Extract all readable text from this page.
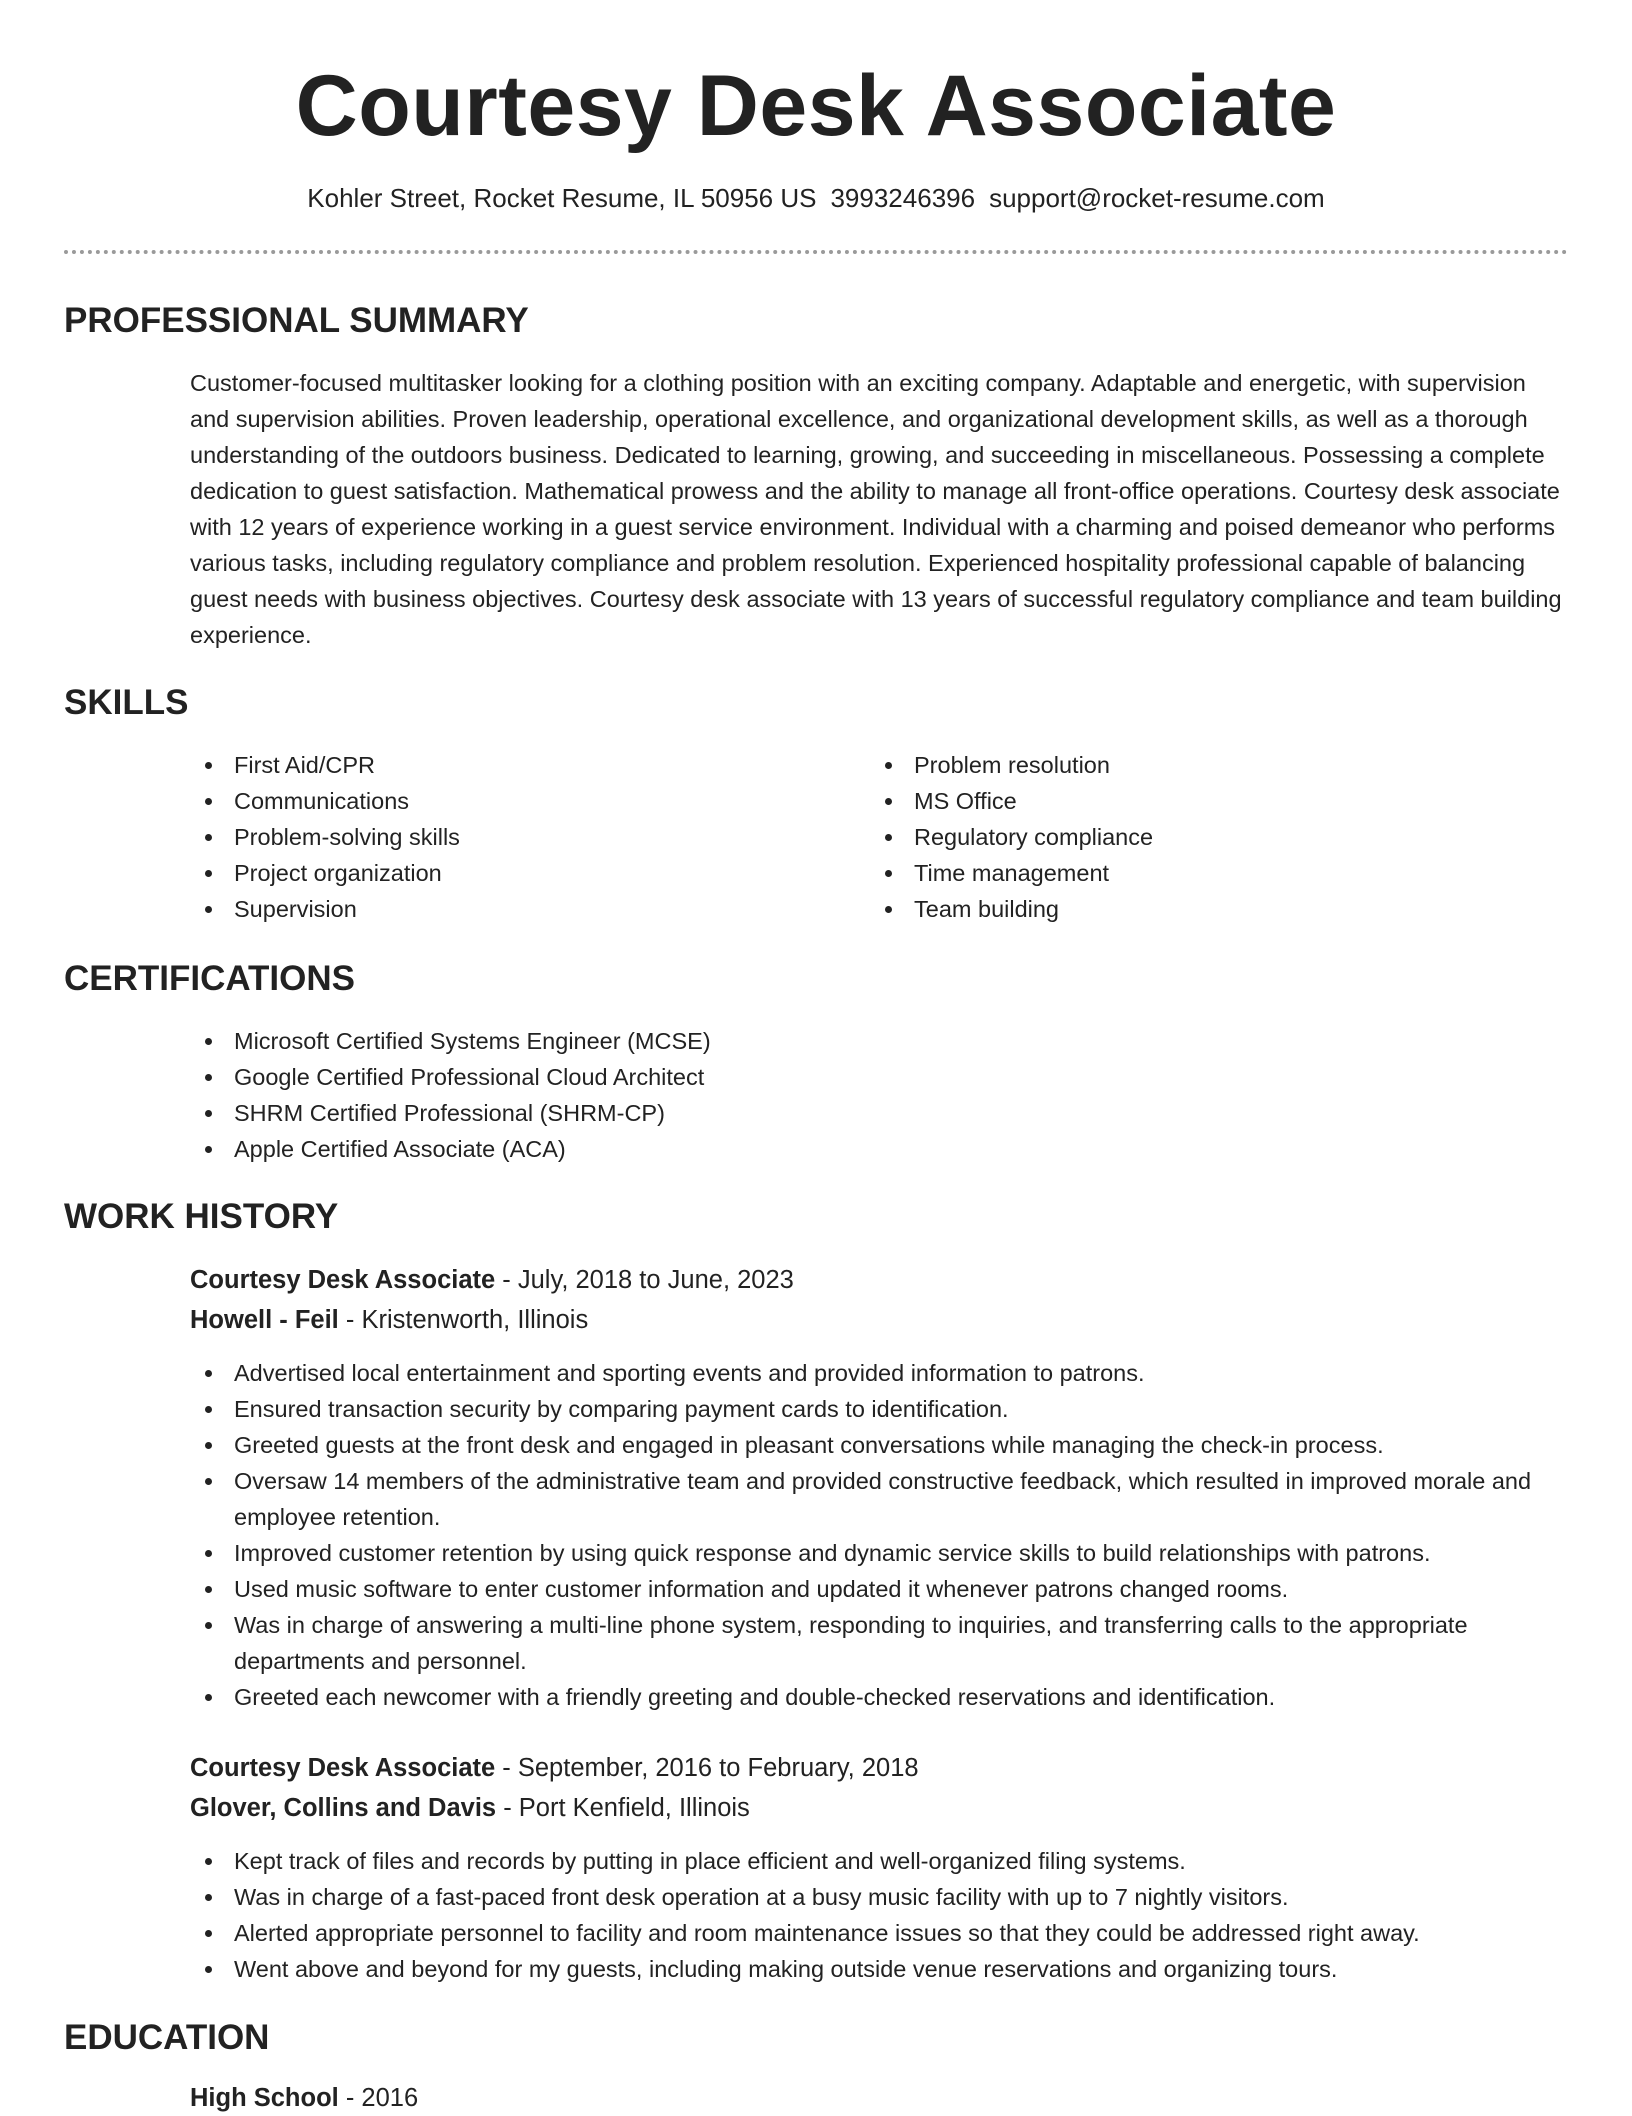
Courtesy Desk Associate
Kohler Street, Rocket Resume, IL 50956 US 3993246396 support@rocket-resume.com
PROFESSIONAL SUMMARY
Customer-focused multitasker looking for a clothing position with an exciting company. Adaptable and energetic, with supervision and supervision abilities. Proven leadership, operational excellence, and organizational development skills, as well as a thorough understanding of the outdoors business. Dedicated to learning, growing, and succeeding in miscellaneous. Possessing a complete dedication to guest satisfaction. Mathematical prowess and the ability to manage all front-office operations. Courtesy desk associate with 12 years of experience working in a guest service environment. Individual with a charming and poised demeanor who performs various tasks, including regulatory compliance and problem resolution. Experienced hospitality professional capable of balancing guest needs with business objectives. Courtesy desk associate with 13 years of successful regulatory compliance and team building experience.
SKILLS
First Aid/CPR
Communications
Problem-solving skills
Project organization
Supervision
Problem resolution
MS Office
Regulatory compliance
Time management
Team building
CERTIFICATIONS
Microsoft Certified Systems Engineer (MCSE)
Google Certified Professional Cloud Architect
SHRM Certified Professional (SHRM-CP)
Apple Certified Associate (ACA)
WORK HISTORY
Courtesy Desk Associate - July, 2018 to June, 2023
Howell - Feil - Kristenworth, Illinois
Advertised local entertainment and sporting events and provided information to patrons.
Ensured transaction security by comparing payment cards to identification.
Greeted guests at the front desk and engaged in pleasant conversations while managing the check-in process.
Oversaw 14 members of the administrative team and provided constructive feedback, which resulted in improved morale and employee retention.
Improved customer retention by using quick response and dynamic service skills to build relationships with patrons.
Used music software to enter customer information and updated it whenever patrons changed rooms.
Was in charge of answering a multi-line phone system, responding to inquiries, and transferring calls to the appropriate departments and personnel.
Greeted each newcomer with a friendly greeting and double-checked reservations and identification.
Courtesy Desk Associate - September, 2016 to February, 2018
Glover, Collins and Davis - Port Kenfield, Illinois
Kept track of files and records by putting in place efficient and well-organized filing systems.
Was in charge of a fast-paced front desk operation at a busy music facility with up to 7 nightly visitors.
Alerted appropriate personnel to facility and room maintenance issues so that they could be addressed right away.
Went above and beyond for my guests, including making outside venue reservations and organizing tours.
EDUCATION
High School - 2016
